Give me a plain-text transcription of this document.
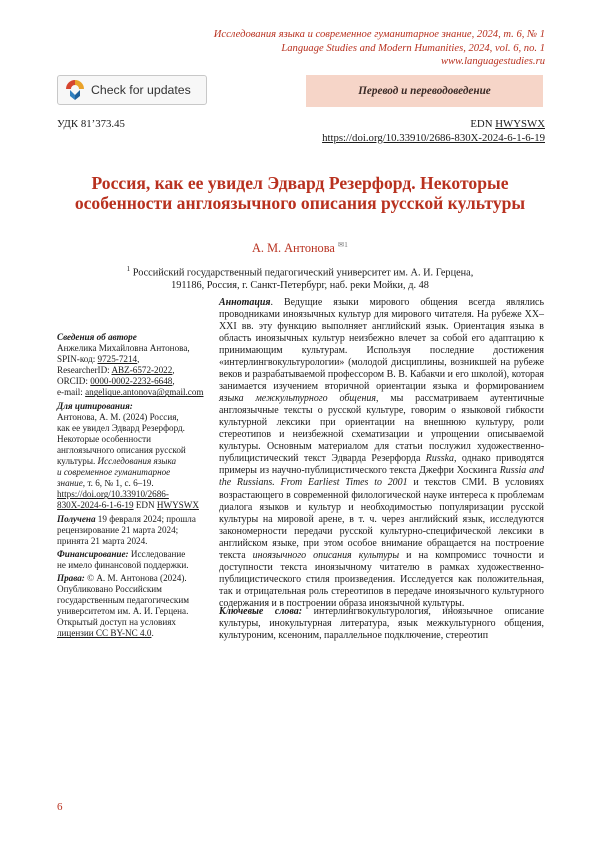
Исследования языка и современное гуманитарное знание, 2024, т. 6, № 1
Language Studies and Modern Humanities, 2024, vol. 6, no. 1
www.languagestudies.ru
Check for updates	Перевод и переводоведение
УДК 81’373.45	EDN HWYSWX
https://doi.org/10.33910/2686-830X-2024-6-1-6-19
Россия, как ее увидел Эдвард Резерфорд. Некоторые особенности англоязычного описания русской культуры
А. М. Антонова $^{✉1}$
$^1$ Российский государственный педагогический университет им. А. И. Герцена,
191186, Россия, г. Санкт-Петербург, наб. реки Мойки, д. 48

Сведения об авторе
Анжелика Михайловна Антонова,
SPIN-код: 9725-7214,
ResearcherID: ABZ-6572-2022,
ORCID: 0000-0002-2232-6648,
e-mail: angelique.antonova@gmail.com

Для цитирования:
Антонова, А. М. (2024) Россия,
как ее увидел Эдвард Резерфорд.
Некоторые особенности
англоязычного описания русской
культуры. Исследования языка
и современное гуманитарное
знание, т. 6, № 1, с. 6–19.
https://doi.org/10.33910/2686-
830X-2024-6-1-6-19 EDN HWYSWX

Получена 19 февраля 2024; прошла
рецензирование 21 марта 2024;
принята 21 марта 2024.

Финансирование: Исследование
не имело финансовой поддержки.

Права: © А. М. Антонова (2024).
Опубликовано Российским
государственным педагогическим
университетом им. А. И. Герцена.
Открытый доступ на условиях
лицензии CC BY-NC 4.0.

Аннотация. Ведущие языки мирового общения всегда являлись проводниками иноязычных культур для мирового читателя. На рубеже XX–XXI вв. эту функцию выполняет английский язык. Ориентация языка в область иноязычных культур неизбежно влечет за собой его адаптацию к принимающим культурам. Используя последние достижения «интерлингвокультурологии» (молодой дисциплины, возникшей на рубеже веков и разрабатываемой профессором В. В. Кабакчи и его школой), которая занимается изучением вторичной ориентации языка и формированием языка межкультурного общения, мы рассматриваем аутентичные англоязычные тексты о русской культуре, говорим о языковой гибкости культурной лексики при ориентации на внешнюю культуру, роли стереотипов и неизбежной схематизации и упрощении описываемой культуры. Основным материалом для статьи послужил художественно-публицистический текст Эдварда Резерфорда Russka, однако приводятся примеры из научно-публицистического текста Джефри Хоскинга Russia and the Russians. From Earliest Times to 2001 и текстов СМИ. В условиях возрастающего в современной филологической науке интереса к проблемам диалога языков и культур и необходимостью популяризации русской культуры на мировой арене, в т. ч. через английский язык, исследуются закономерности передачи русской культурно-специфической лексики в английском языке, при этом особое внимание обращается на построение текста иноязычного описания культуры и на компромисс точности и доступности текста иноязычному читателю в рамках художественно-публицистического стиля произведения. Исследуется как положительная, так и отрицательная роль стереотипов в передаче иноязычного культурного содержания и в построении образа иноязычной культуры.
Ключевые слова: интерлингвокультурология, иноязычное описание культуры, инокультурная литература, язык межкультурного общения, культуроним, ксеноним, параллельное подключение, стереотип
6
